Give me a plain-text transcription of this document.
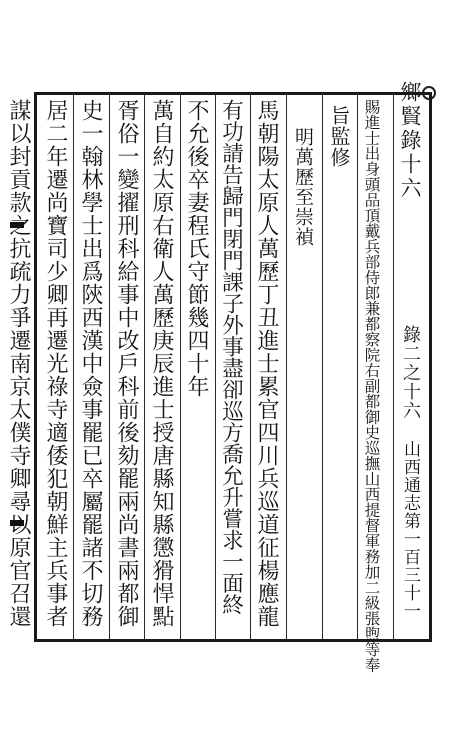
鄉賢錄十六
錄二之十六
山西通志第一百三十一
賜進士出身頭品頂戴兵部侍郎兼都察院右副都御史巡撫山西提督軍務加二級張煦等奉
旨監修
明萬歷至崇禎
馬朝陽太原人萬歷丁丑進士累官四川兵巡道征楊應龍
有功請告歸門閉門課子外事盡卻巡方喬允升嘗求一面終
不允後卒妻程氏守節幾四十年
萬自約太原右衛人萬歷庚辰進士授唐縣知縣懲猾悍點
胥俗一變擢刑科給事中改戶科前後劾罷兩尚書兩都御
史一翰林學士出爲陝西漢中僉事罷已卒屬罷諸不切務
居二年遷尚寶司少卿再遷光祿寺適倭犯朝鮮主兵事者
謀以封貢款之抗疏力爭遷南京太僕寺卿尋以原官召還
